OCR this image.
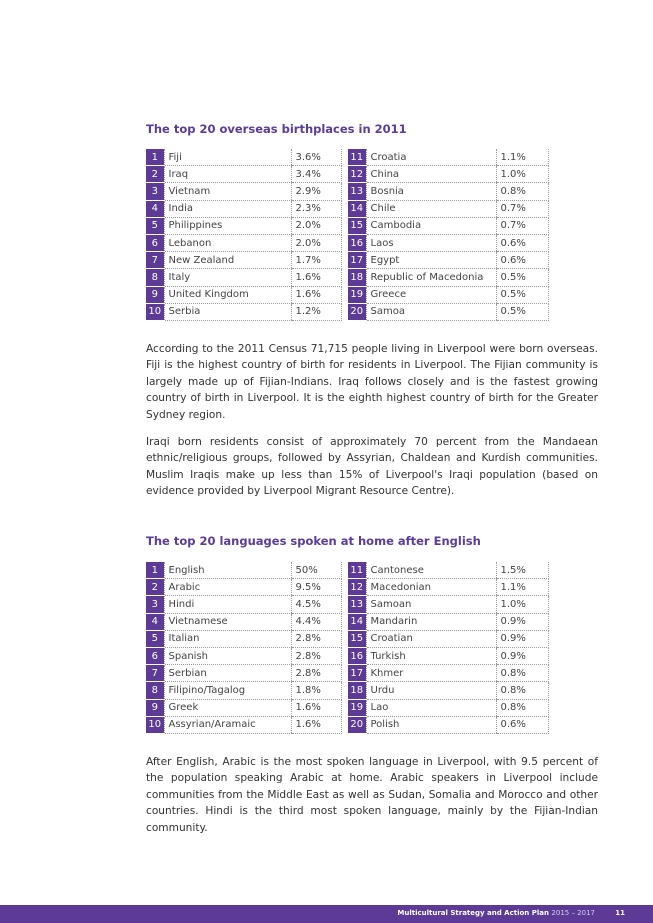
The top 20 overseas birthplaces in 2011
1	Fiji	3.6%		11	Croatia	1.1%
2	Iraq	3.4%		12	China	1.0%
3	Vietnam	2.9%		13	Bosnia	0.8%
4	India	2.3%		14	Chile	0.7%
5	Philippines	2.0%		15	Cambodia	0.7%
6	Lebanon	2.0%		16	Laos	0.6%
7	New Zealand	1.7%		17	Egypt	0.6%
8	Italy	1.6%		18	Republic of Macedonia	0.5%
9	United Kingdom	1.6%		19	Greece	0.5%
10	Serbia	1.2%		20	Samoa	0.5%

According to the 2011 Census 71,715 people living in Liverpool were born overseas. Fiji is the highest country of birth for residents in Liverpool. The Fijian community is largely made up of Fijian-Indians. Iraq follows closely and is the fastest growing country of birth in Liverpool. It is the eighth highest country of birth for the Greater Sydney region.

Iraqi born residents consist of approximately 70 percent from the Mandaean ethnic/religious groups, followed by Assyrian, Chaldean and Kurdish communities. Muslim Iraqis make up less than 15% of Liverpool's Iraqi population (based on evidence provided by Liverpool Migrant Resource Centre).

The top 20 languages spoken at home after English
1	English	50%		11	Cantonese	1.5%
2	Arabic	9.5%		12	Macedonian	1.1%
3	Hindi	4.5%		13	Samoan	1.0%
4	Vietnamese	4.4%		14	Mandarin	0.9%
5	Italian	2.8%		15	Croatian	0.9%
6	Spanish	2.8%		16	Turkish	0.9%
7	Serbian	2.8%		17	Khmer	0.8%
8	Filipino/Tagalog	1.8%		18	Urdu	0.8%
9	Greek	1.6%		19	Lao	0.8%
10	Assyrian/Aramaic	1.6%		20	Polish	0.6%

After English, Arabic is the most spoken language in Liverpool, with 9.5 percent of the population speaking Arabic at home. Arabic speakers in Liverpool include communities from the Middle East as well as Sudan, Somalia and Morocco and other countries. Hindi is the third most spoken language, mainly by the Fijian-Indian community.

Multicultural Strategy and Action Plan 2015 – 2017	11
